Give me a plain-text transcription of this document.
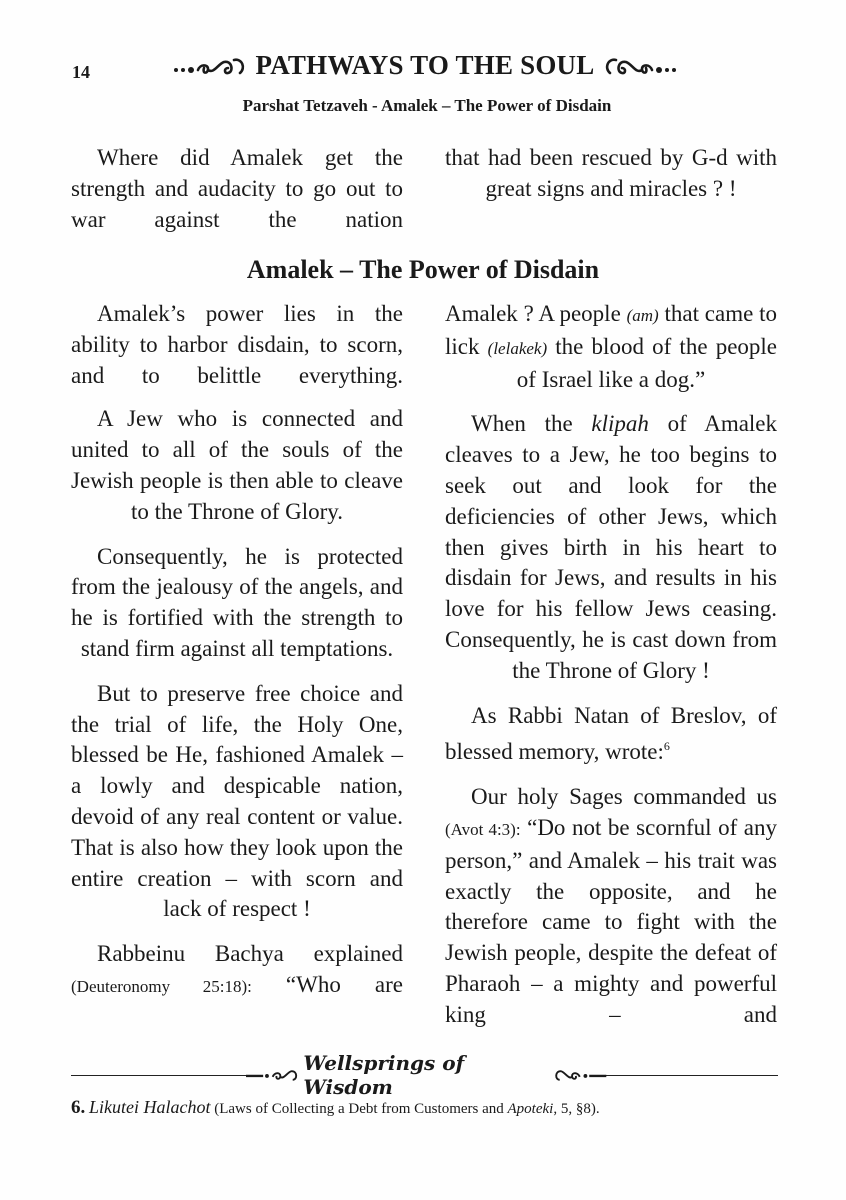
14	PATHWAYS TO THE SOUL
Parshat Tetzaveh - Amalek – The Power of Disdain

Where did Amalek get the strength and audacity to go out to war against the nation

that had been rescued by G-d with great signs and miracles ? !

Amalek – The Power of Disdain

Amalek’s power lies in the ability to harbor disdain, to scorn, and to belittle everything.

A Jew who is connected and united to all of the souls of the Jewish people is then able to cleave to the Throne of Glory.

Consequently, he is protected from the jealousy of the angels, and he is fortified with the strength to stand firm against all temptations.

But to preserve free choice and the trial of life, the Holy One, blessed be He, fashioned Amalek – a lowly and despicable nation, devoid of any real content or value. That is also how they look upon the entire creation – with scorn and lack of respect !

Rabbeinu Bachya explained (Deuteronomy 25:18): “Who are

Amalek ? A people (am) that came to lick (lelakek) the blood of the people of Israel like a dog.”

When the klipah of Amalek cleaves to a Jew, he too begins to seek out and look for the deficiencies of other Jews, which then gives birth in his heart to disdain for Jews, and results in his love for his fellow Jews ceasing. Consequently, he is cast down from the Throne of Glory !

As Rabbi Natan of Breslov, of blessed memory, wrote:$^6$

Our holy Sages commanded us (Avot 4:3): “Do not be scornful of any person,” and Amalek – his trait was exactly the opposite, and he therefore came to fight with the Jewish people, despite the defeat of Pharaoh – a mighty and powerful king – and

Wellsprings of Wisdom
6. Likutei Halachot (Laws of Collecting a Debt from Customers and Apoteki, 5, §8).
